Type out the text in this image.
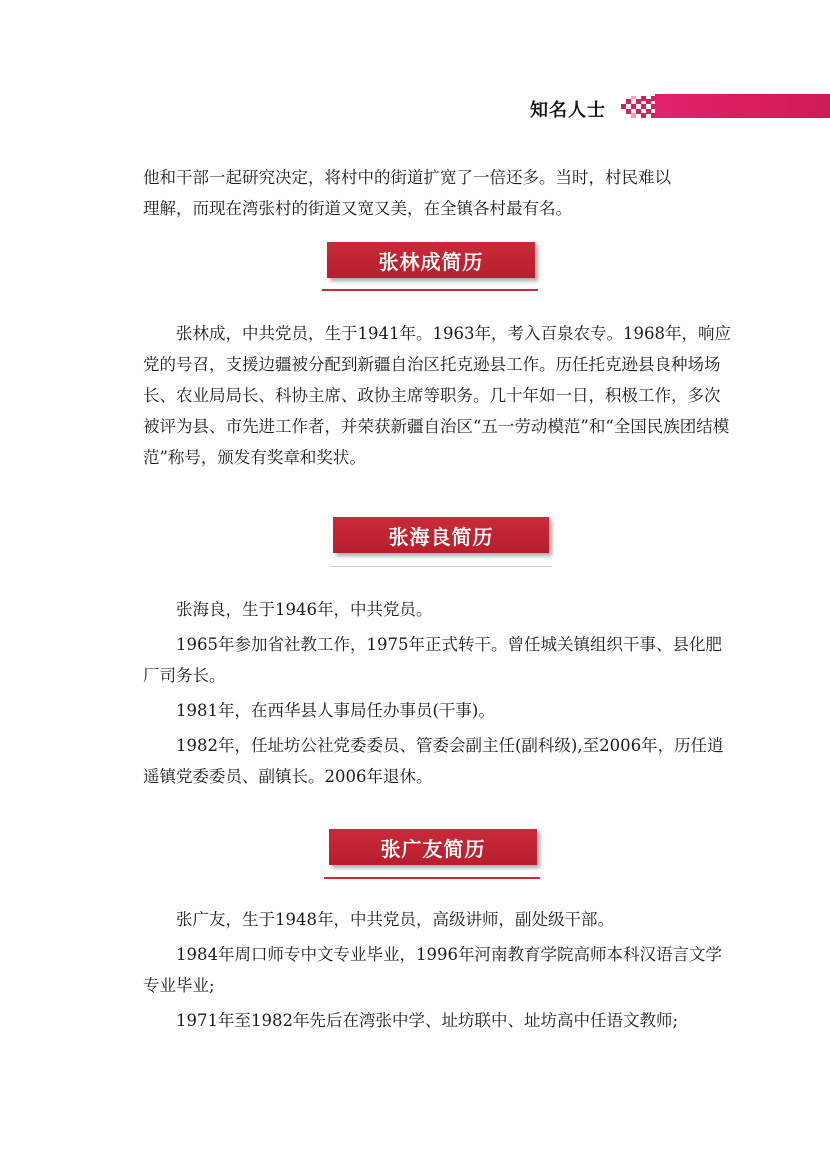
知名人士

他和干部一起研究决定，将村中的街道扩宽了一倍还多。当时，村民难以

理解，而现在湾张村的街道又宽又美，在全镇各村最有名。

张林成简历

张林成，中共党员，生于1941年。1963年，考入百泉农专。1968年，响应党的号召，支援边疆被分配到新疆自治区托克逊县工作。历任托克逊县良种场场长、农业局局长、科协主席、政协主席等职务。几十年如一日，积极工作，多次被评为县、市先进工作者，并荣获新疆自治区“五一劳动模范”和“全国民族团结模范”称号，颁发有奖章和奖状。

张海良简历

张海良，生于1946年，中共党员。

1965年参加省社教工作，1975年正式转干。曾任城关镇组织干事、县化肥厂司务长。

1981年，在西华县人事局任办事员(干事)。

1982年，任址坊公社党委委员、管委会副主任(副科级),至2006年，历任逍遥镇党委委员、副镇长。2006年退休。

张广友简历

张广友，生于1948年，中共党员，高级讲师，副处级干部。

1984年周口师专中文专业毕业，1996年河南教育学院高师本科汉语言文学专业毕业;

1971年至1982年先后在湾张中学、址坊联中、址坊高中任语文教师;
